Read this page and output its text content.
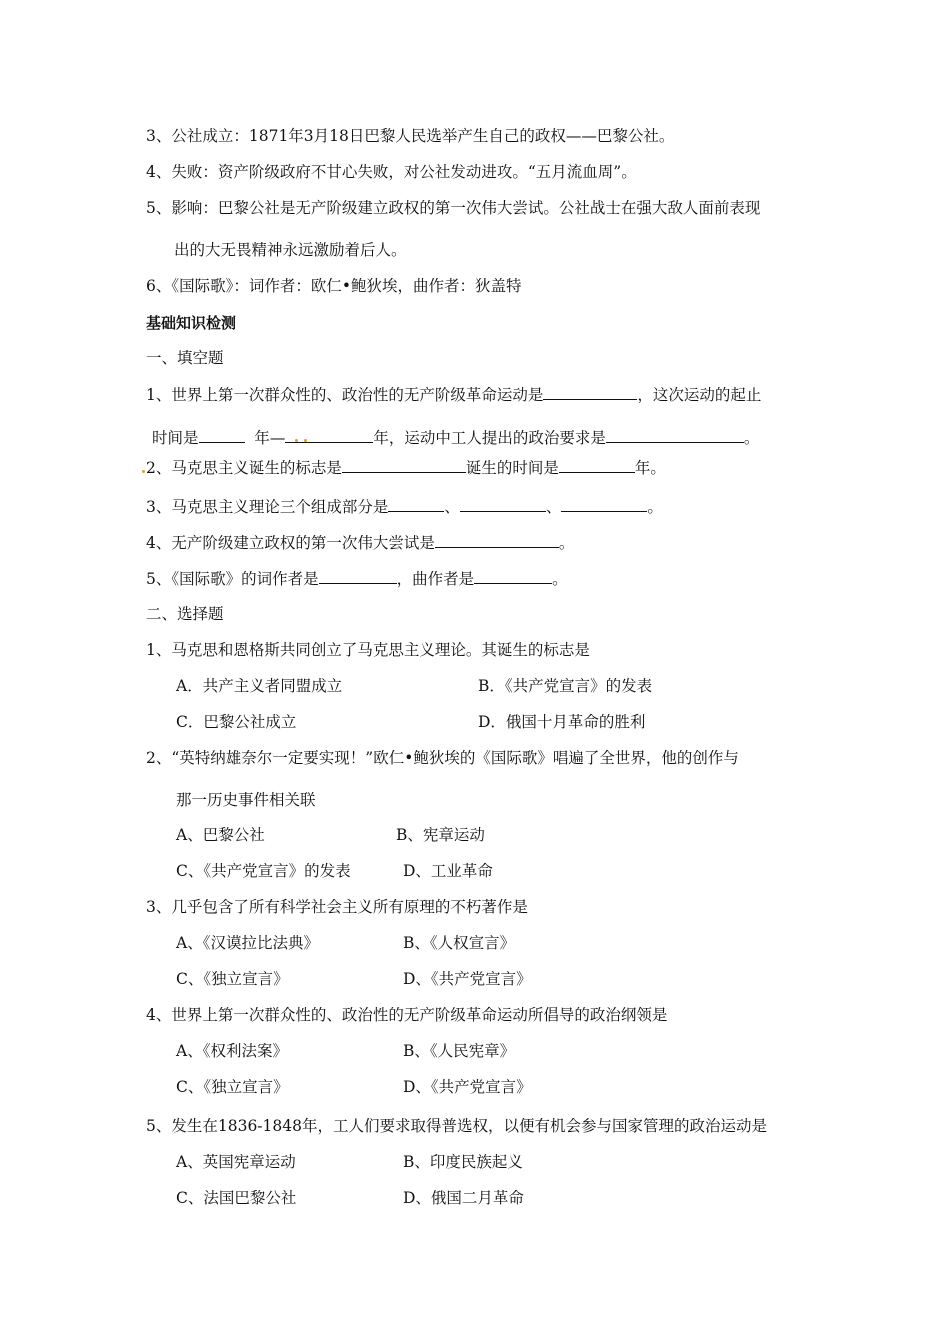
3、公社成立：1871年3月18日巴黎人民选举产生自己的政权——巴黎公社。
4、失败：资产阶级政府不甘心失败，对公社发动进攻。“五月流血周”。
5、影响：巴黎公社是无产阶级建立政权的第一次伟大尝试。公社战士在强大敌人面前表现
出的大无畏精神永远激励着后人。
6、《国际歌》：词作者：欧仁•鲍狄埃，曲作者：狄盖特
基础知识检测
一、填空题
1、世界上第一次群众性的、政治性的无产阶级革命运动是	，这次运动的起止
时间是	年—	年，运动中工人提出的政治要求是	。
2、马克思主义诞生的标志是	诞生的时间是	年。
3、马克思主义理论三个组成部分是	、	、	。
4、无产阶级建立政权的第一次伟大尝试是	。
5、《国际歌》的词作者是	，曲作者是	。
二、选择题
1、马克思和恩格斯共同创立了马克思主义理论。其诞生的标志是
A．共产主义者同盟成立	B．《共产党宣言》的发表
C．巴黎公社成立	D．俄国十月革命的胜利
2、“英特纳雄奈尔一定要实现！”欧仁•鲍狄埃的《国际歌》唱遍了全世界，他的创作与
那一历史事件相关联
A、巴黎公社	B、宪章运动
C、《共产党宣言》的发表	D、工业革命
3、几乎包含了所有科学社会主义所有原理的不朽著作是
A、《汉谟拉比法典》	B、《人权宣言》
C、《独立宣言》	D、《共产党宣言》
4、世界上第一次群众性的、政治性的无产阶级革命运动所倡导的政治纲领是
A、《权利法案》	B、《人民宪章》
C、《独立宣言》	D、《共产党宣言》
5、发生在1836-1848年，工人们要求取得普选权，以便有机会参与国家管理的政治运动是
A、英国宪章运动	B、印度民族起义
C、法国巴黎公社	D、俄国二月革命
